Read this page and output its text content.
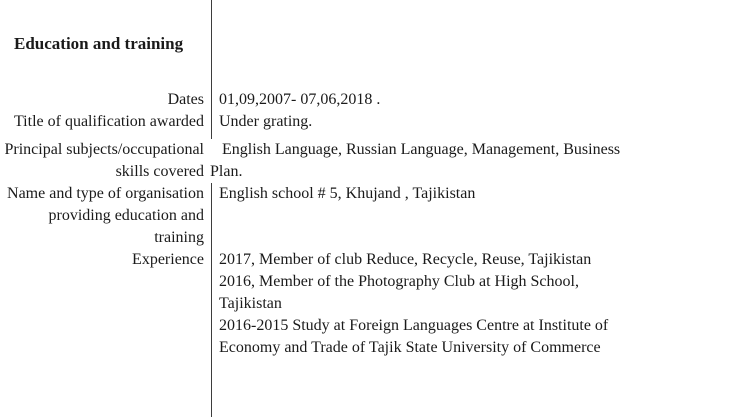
Education and training
Dates 01,09,2007- 07,06,2018 .
Title of qualification awarded Under grating.
Principal subjects/occupational skills covered
English Language, Russian Language, Management, Business
Plan.
Name and type of organisation providing education and training
English school # 5, Khujand , Tajikistan
Experience 2017, Member of club Reduce, Recycle, Reuse, Tajikistan
2016, Member of the Photography Club at High School,
Tajikistan
2016-2015 Study at Foreign Languages Centre at Institute of
Economy and Trade of Tajik State University of Commerce
